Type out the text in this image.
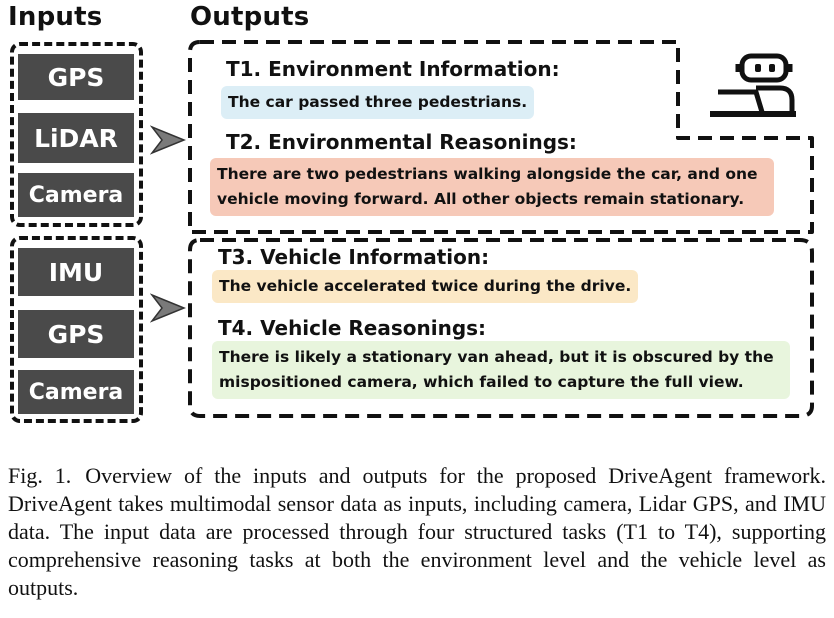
Inputs	Outputs
GPS
LiDAR
Camera
IMU
GPS
Camera
T1. Environment Information:
The car passed three pedestrians.
T2. Environmental Reasonings:
There are two pedestrians walking alongside the car, and one
vehicle moving forward. All other objects remain stationary.
T3. Vehicle Information:
The vehicle accelerated twice during the drive.
T4. Vehicle Reasonings:
There is likely a stationary van ahead, but it is obscured by the
mispositioned camera, which failed to capture the full view.
Fig. 1. Overview of the inputs and outputs for the proposed DriveAgent framework. DriveAgent takes multimodal sensor data as inputs, including camera, Lidar GPS, and IMU data. The input data are processed through four structured tasks (T1 to T4), supporting comprehensive reasoning tasks at both the environment level and the vehicle level as outputs.
